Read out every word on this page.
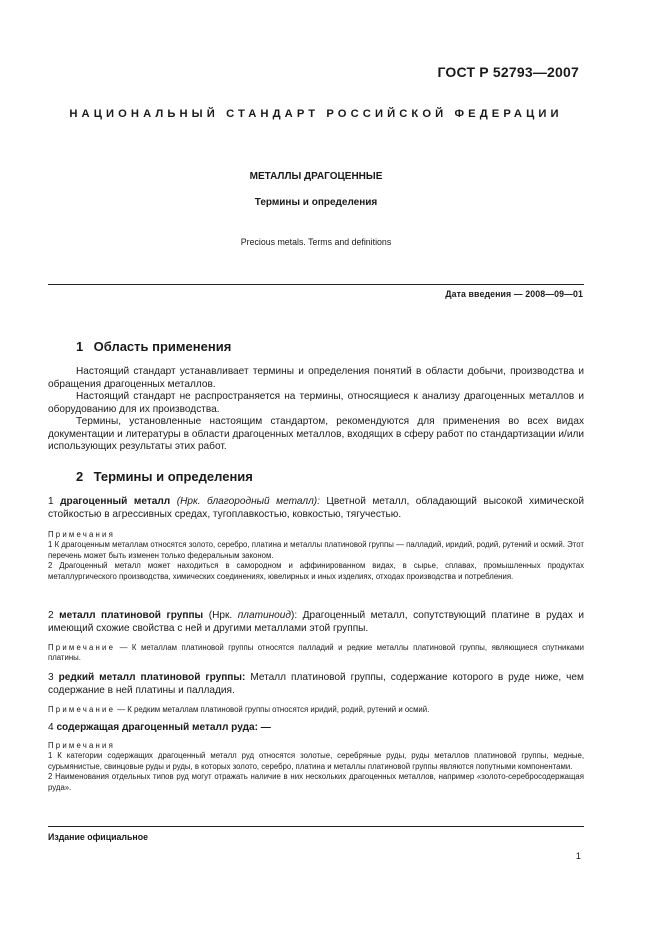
ГОСТ Р 52793—2007
НАЦИОНАЛЬНЫЙ СТАНДАРТ РОССИЙСКОЙ ФЕДЕРАЦИИ
МЕТАЛЛЫ ДРАГОЦЕННЫЕ
Термины и определения
Precious metals. Terms and definitions
Дата введения — 2008—09—01
1 Область применения

Настоящий стандарт устанавливает термины и определения понятий в области добычи, производства и обращения драгоценных металлов.

Настоящий стандарт не распространяется на термины, относящиеся к анализу драгоценных металлов и оборудованию для их производства.

Термины, установленные настоящим стандартом, рекомендуются для применения во всех видах документации и литературы в области драгоценных металлов, входящих в сферу работ по стандартизации и/или использующих результаты этих работ.

2 Термины и определения
1 драгоценный металл (Нрк. благородный металл): Цветной металл, обладающий высокой химической стойкостью в агрессивных средах, тугоплавкостью, ковкостью, тягучестью.

Примечания

1 К драгоценным металлам относятся золото, серебро, платина и металлы платиновой группы — палладий, иридий, родий, рутений и осмий. Этот перечень может быть изменен только федеральным законом.

2 Драгоценный металл может находиться в самородном и аффинированном видах, в сырье, сплавах, промышленных продуктах металлургического производства, химических соединениях, ювелирных и иных изделиях, отходах производства и потребления.

2 металл платиновой группы (Нрк. платиноид): Драгоценный металл, сопутствующий платине в рудах и имеющий схожие свойства с ней и другими металлами этой группы.

Примечание — К металлам платиновой группы относятся палладий и редкие металлы платиновой группы, являющиеся спутниками платины.

3 редкий металл платиновой группы: Металл платиновой группы, содержание которого в руде ниже, чем содержание в ней платины и палладия.

Примечание — К редким металлам платиновой группы относятся иридий, родий, рутений и осмий.

4 содержащая драгоценный металл руда: —

Примечания

1 К категории содержащих драгоценный металл руд относятся золотые, серебряные руды, руды металлов платиновой группы, медные, сурьмянистые, свинцовые руды и руды, в которых золото, серебро, платина и металлы платиновой группы являются попутными компонентами.

2 Наименования отдельных типов руд могут отражать наличие в них нескольких драгоценных металлов, например «золото-серебросодержащая руда».

Издание официальное
1
